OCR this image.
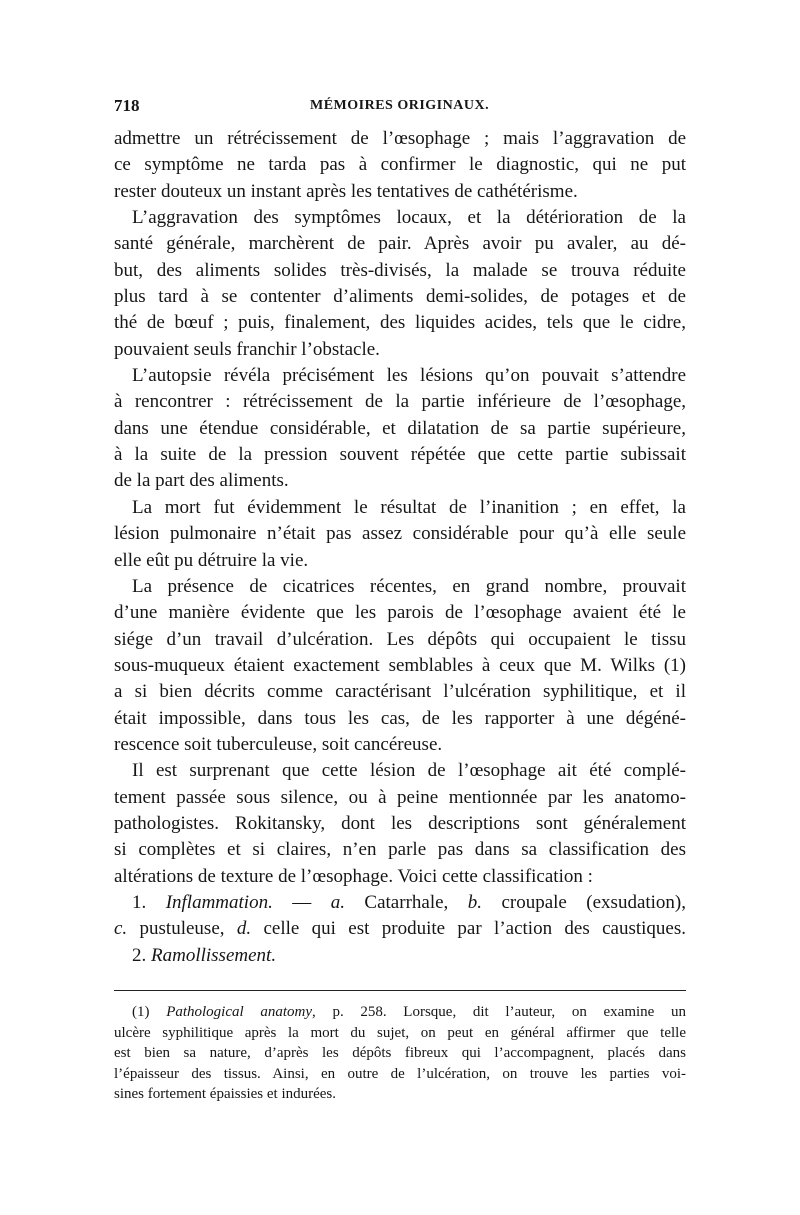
718	MÉMOIRES ORIGINAUX.
admettre un rétrécissement de l’œsophage ; mais l’aggravation de
ce symptôme ne tarda pas à confirmer le diagnostic, qui ne put
rester douteux un instant après les tentatives de cathétérisme.
L’aggravation des symptômes locaux, et la détérioration de la
santé générale, marchèrent de pair. Après avoir pu avaler, au dé-
but, des aliments solides très-divisés, la malade se trouva réduite
plus tard à se contenter d’aliments demi-solides, de potages et de
thé de bœuf ; puis, finalement, des liquides acides, tels que le cidre,
pouvaient seuls franchir l’obstacle.
L’autopsie révéla précisément les lésions qu’on pouvait s’attendre
à rencontrer : rétrécissement de la partie inférieure de l’œsophage,
dans une étendue considérable, et dilatation de sa partie supérieure,
à la suite de la pression souvent répétée que cette partie subissait
de la part des aliments.
La mort fut évidemment le résultat de l’inanition ; en effet, la
lésion pulmonaire n’était pas assez considérable pour qu’à elle seule
elle eût pu détruire la vie.
La présence de cicatrices récentes, en grand nombre, prouvait
d’une manière évidente que les parois de l’œsophage avaient été le
siége d’un travail d’ulcération. Les dépôts qui occupaient le tissu
sous-muqueux étaient exactement semblables à ceux que M. Wilks (1)
a si bien décrits comme caractérisant l’ulcération syphilitique, et il
était impossible, dans tous les cas, de les rapporter à une dégéné-
rescence soit tuberculeuse, soit cancéreuse.
Il est surprenant que cette lésion de l’œsophage ait été complé-
tement passée sous silence, ou à peine mentionnée par les anatomo-
pathologistes. Rokitansky, dont les descriptions sont généralement
si complètes et si claires, n’en parle pas dans sa classification des
altérations de texture de l’œsophage. Voici cette classification :
1. Inflammation. — a. Catarrhale, b. croupale (exsudation),
c. pustuleuse, d. celle qui est produite par l’action des caustiques.
2. Ramollissement.
(1) Pathological anatomy, p. 258. Lorsque, dit l’auteur, on examine un
ulcère syphilitique après la mort du sujet, on peut en général affirmer que telle
est bien sa nature, d’après les dépôts fibreux qui l’accompagnent, placés dans
l’épaisseur des tissus. Ainsi, en outre de l’ulcération, on trouve les parties voi-
sines fortement épaissies et indurées.
